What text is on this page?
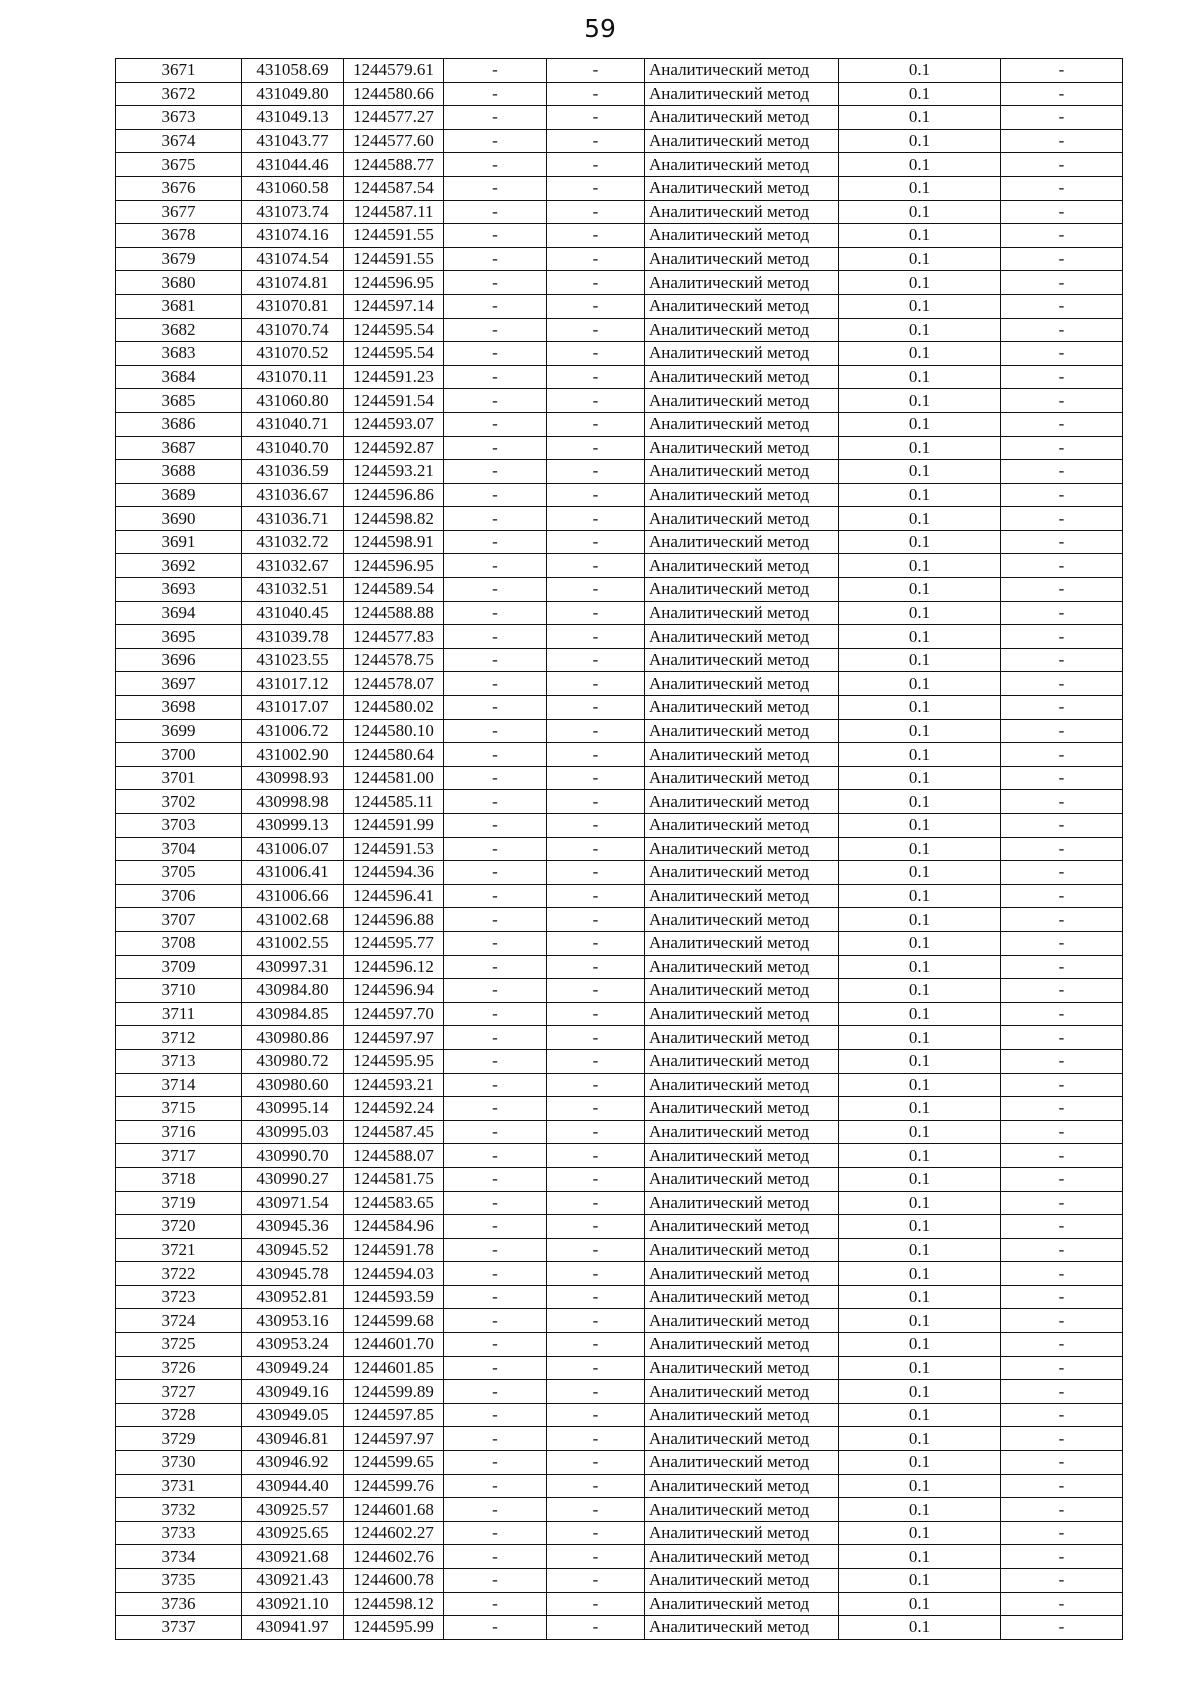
59
3671	431058.69	1244579.61	-	-	Аналитический метод	0.1	-
3672	431049.80	1244580.66	-	-	Аналитический метод	0.1	-
3673	431049.13	1244577.27	-	-	Аналитический метод	0.1	-
3674	431043.77	1244577.60	-	-	Аналитический метод	0.1	-
3675	431044.46	1244588.77	-	-	Аналитический метод	0.1	-
3676	431060.58	1244587.54	-	-	Аналитический метод	0.1	-
3677	431073.74	1244587.11	-	-	Аналитический метод	0.1	-
3678	431074.16	1244591.55	-	-	Аналитический метод	0.1	-
3679	431074.54	1244591.55	-	-	Аналитический метод	0.1	-
3680	431074.81	1244596.95	-	-	Аналитический метод	0.1	-
3681	431070.81	1244597.14	-	-	Аналитический метод	0.1	-
3682	431070.74	1244595.54	-	-	Аналитический метод	0.1	-
3683	431070.52	1244595.54	-	-	Аналитический метод	0.1	-
3684	431070.11	1244591.23	-	-	Аналитический метод	0.1	-
3685	431060.80	1244591.54	-	-	Аналитический метод	0.1	-
3686	431040.71	1244593.07	-	-	Аналитический метод	0.1	-
3687	431040.70	1244592.87	-	-	Аналитический метод	0.1	-
3688	431036.59	1244593.21	-	-	Аналитический метод	0.1	-
3689	431036.67	1244596.86	-	-	Аналитический метод	0.1	-
3690	431036.71	1244598.82	-	-	Аналитический метод	0.1	-
3691	431032.72	1244598.91	-	-	Аналитический метод	0.1	-
3692	431032.67	1244596.95	-	-	Аналитический метод	0.1	-
3693	431032.51	1244589.54	-	-	Аналитический метод	0.1	-
3694	431040.45	1244588.88	-	-	Аналитический метод	0.1	-
3695	431039.78	1244577.83	-	-	Аналитический метод	0.1	-
3696	431023.55	1244578.75	-	-	Аналитический метод	0.1	-
3697	431017.12	1244578.07	-	-	Аналитический метод	0.1	-
3698	431017.07	1244580.02	-	-	Аналитический метод	0.1	-
3699	431006.72	1244580.10	-	-	Аналитический метод	0.1	-
3700	431002.90	1244580.64	-	-	Аналитический метод	0.1	-
3701	430998.93	1244581.00	-	-	Аналитический метод	0.1	-
3702	430998.98	1244585.11	-	-	Аналитический метод	0.1	-
3703	430999.13	1244591.99	-	-	Аналитический метод	0.1	-
3704	431006.07	1244591.53	-	-	Аналитический метод	0.1	-
3705	431006.41	1244594.36	-	-	Аналитический метод	0.1	-
3706	431006.66	1244596.41	-	-	Аналитический метод	0.1	-
3707	431002.68	1244596.88	-	-	Аналитический метод	0.1	-
3708	431002.55	1244595.77	-	-	Аналитический метод	0.1	-
3709	430997.31	1244596.12	-	-	Аналитический метод	0.1	-
3710	430984.80	1244596.94	-	-	Аналитический метод	0.1	-
3711	430984.85	1244597.70	-	-	Аналитический метод	0.1	-
3712	430980.86	1244597.97	-	-	Аналитический метод	0.1	-
3713	430980.72	1244595.95	-	-	Аналитический метод	0.1	-
3714	430980.60	1244593.21	-	-	Аналитический метод	0.1	-
3715	430995.14	1244592.24	-	-	Аналитический метод	0.1	-
3716	430995.03	1244587.45	-	-	Аналитический метод	0.1	-
3717	430990.70	1244588.07	-	-	Аналитический метод	0.1	-
3718	430990.27	1244581.75	-	-	Аналитический метод	0.1	-
3719	430971.54	1244583.65	-	-	Аналитический метод	0.1	-
3720	430945.36	1244584.96	-	-	Аналитический метод	0.1	-
3721	430945.52	1244591.78	-	-	Аналитический метод	0.1	-
3722	430945.78	1244594.03	-	-	Аналитический метод	0.1	-
3723	430952.81	1244593.59	-	-	Аналитический метод	0.1	-
3724	430953.16	1244599.68	-	-	Аналитический метод	0.1	-
3725	430953.24	1244601.70	-	-	Аналитический метод	0.1	-
3726	430949.24	1244601.85	-	-	Аналитический метод	0.1	-
3727	430949.16	1244599.89	-	-	Аналитический метод	0.1	-
3728	430949.05	1244597.85	-	-	Аналитический метод	0.1	-
3729	430946.81	1244597.97	-	-	Аналитический метод	0.1	-
3730	430946.92	1244599.65	-	-	Аналитический метод	0.1	-
3731	430944.40	1244599.76	-	-	Аналитический метод	0.1	-
3732	430925.57	1244601.68	-	-	Аналитический метод	0.1	-
3733	430925.65	1244602.27	-	-	Аналитический метод	0.1	-
3734	430921.68	1244602.76	-	-	Аналитический метод	0.1	-
3735	430921.43	1244600.78	-	-	Аналитический метод	0.1	-
3736	430921.10	1244598.12	-	-	Аналитический метод	0.1	-
3737	430941.97	1244595.99	-	-	Аналитический метод	0.1	-
